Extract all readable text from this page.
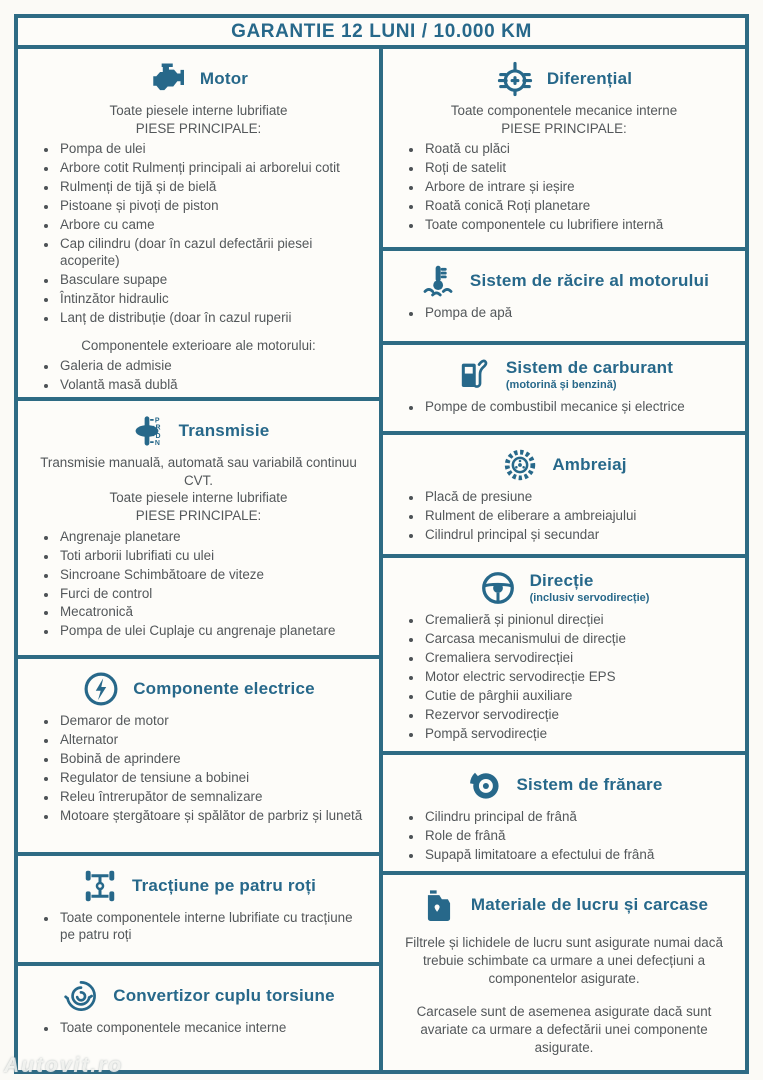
GARANTIE 12 LUNI / 10.000 KM
Motor
Toate piesele interne lubrifiate
PIESE PRINCIPALE:
• Pompa de ulei
• Arbore cotit Rulmenți principali ai arborelui cotit
• Rulmenți de tijă și de bielă
• Pistoane și pivoți de piston
• Arbore cu came
• Cap cilindru (doar în cazul defectării piesei acoperite)
• Basculare supape
• Întinzător hidraulic
• Lanț de distribuție (doar în cazul ruperii
Componentele exterioare ale motorului:
• Galeria de admisie
• Volantă masă dublă
•
P
R
D
N
Transmisie
Transmisie manuală, automată sau variabilă continuu
CVT.
Toate piesele interne lubrifiate
PIESE PRINCIPALE:
• Angrenaje planetare
• Toti arborii lubrifiati cu ulei
• Sincroane Schimbătoare de viteze
• Furci de control
• Mecatronică
• Pompa de ulei Cuplaje cu angrenaje planetare
Componente electrice
• Demaror de motor
• Alternator
• Bobină de aprindere
• Regulator de tensiune a bobinei
• Releu întrerupător de semnalizare
• Motoare ștergătoare și spălător de parbriz și lunetă
Tracțiune pe patru roți
• Toate componentele interne lubrifiate cu tracțiune pe patru roți
Convertizor cuplu torsiune
• Toate componentele mecanice interne
Diferențial
Toate componentele mecanice interne
PIESE PRINCIPALE:
• Roată cu plăci
• Roți de satelit
• Arbore de intrare și ieșire
• Roată conică Roți planetare
• Toate componentele cu lubrifiere internă
Sistem de răcire al motorului
• Pompa de apă
Sistem de carburant
(motorină și benzină)
• Pompe de combustibil mecanice și electrice
Ambreiaj
• Placă de presiune
• Rulment de eliberare a ambreiajului
• Cilindrul principal și secundar
Direcție
(inclusiv servodirecție)
• Cremalieră și pinionul direcției
• Carcasa mecanismului de direcție
• Cremaliera servodirecției
• Motor electric servodirecție EPS
• Cutie de pârghii auxiliare
• Rezervor servodirecție
• Pompă servodirecție
Sistem de frănare
• Cilindru principal de frână
• Role de frână
• Supapă limitatoare a efectului de frână
Materiale de lucru și carcase
Filtrele și lichidele de lucru sunt asigurate numai dacă trebuie schimbate ca urmare a unei defecțiuni a componentelor asigurate.
Carcasele sunt de asemenea asigurate dacă sunt avariate ca urmare a defectării unei componente asigurate.
Autovit.ro
